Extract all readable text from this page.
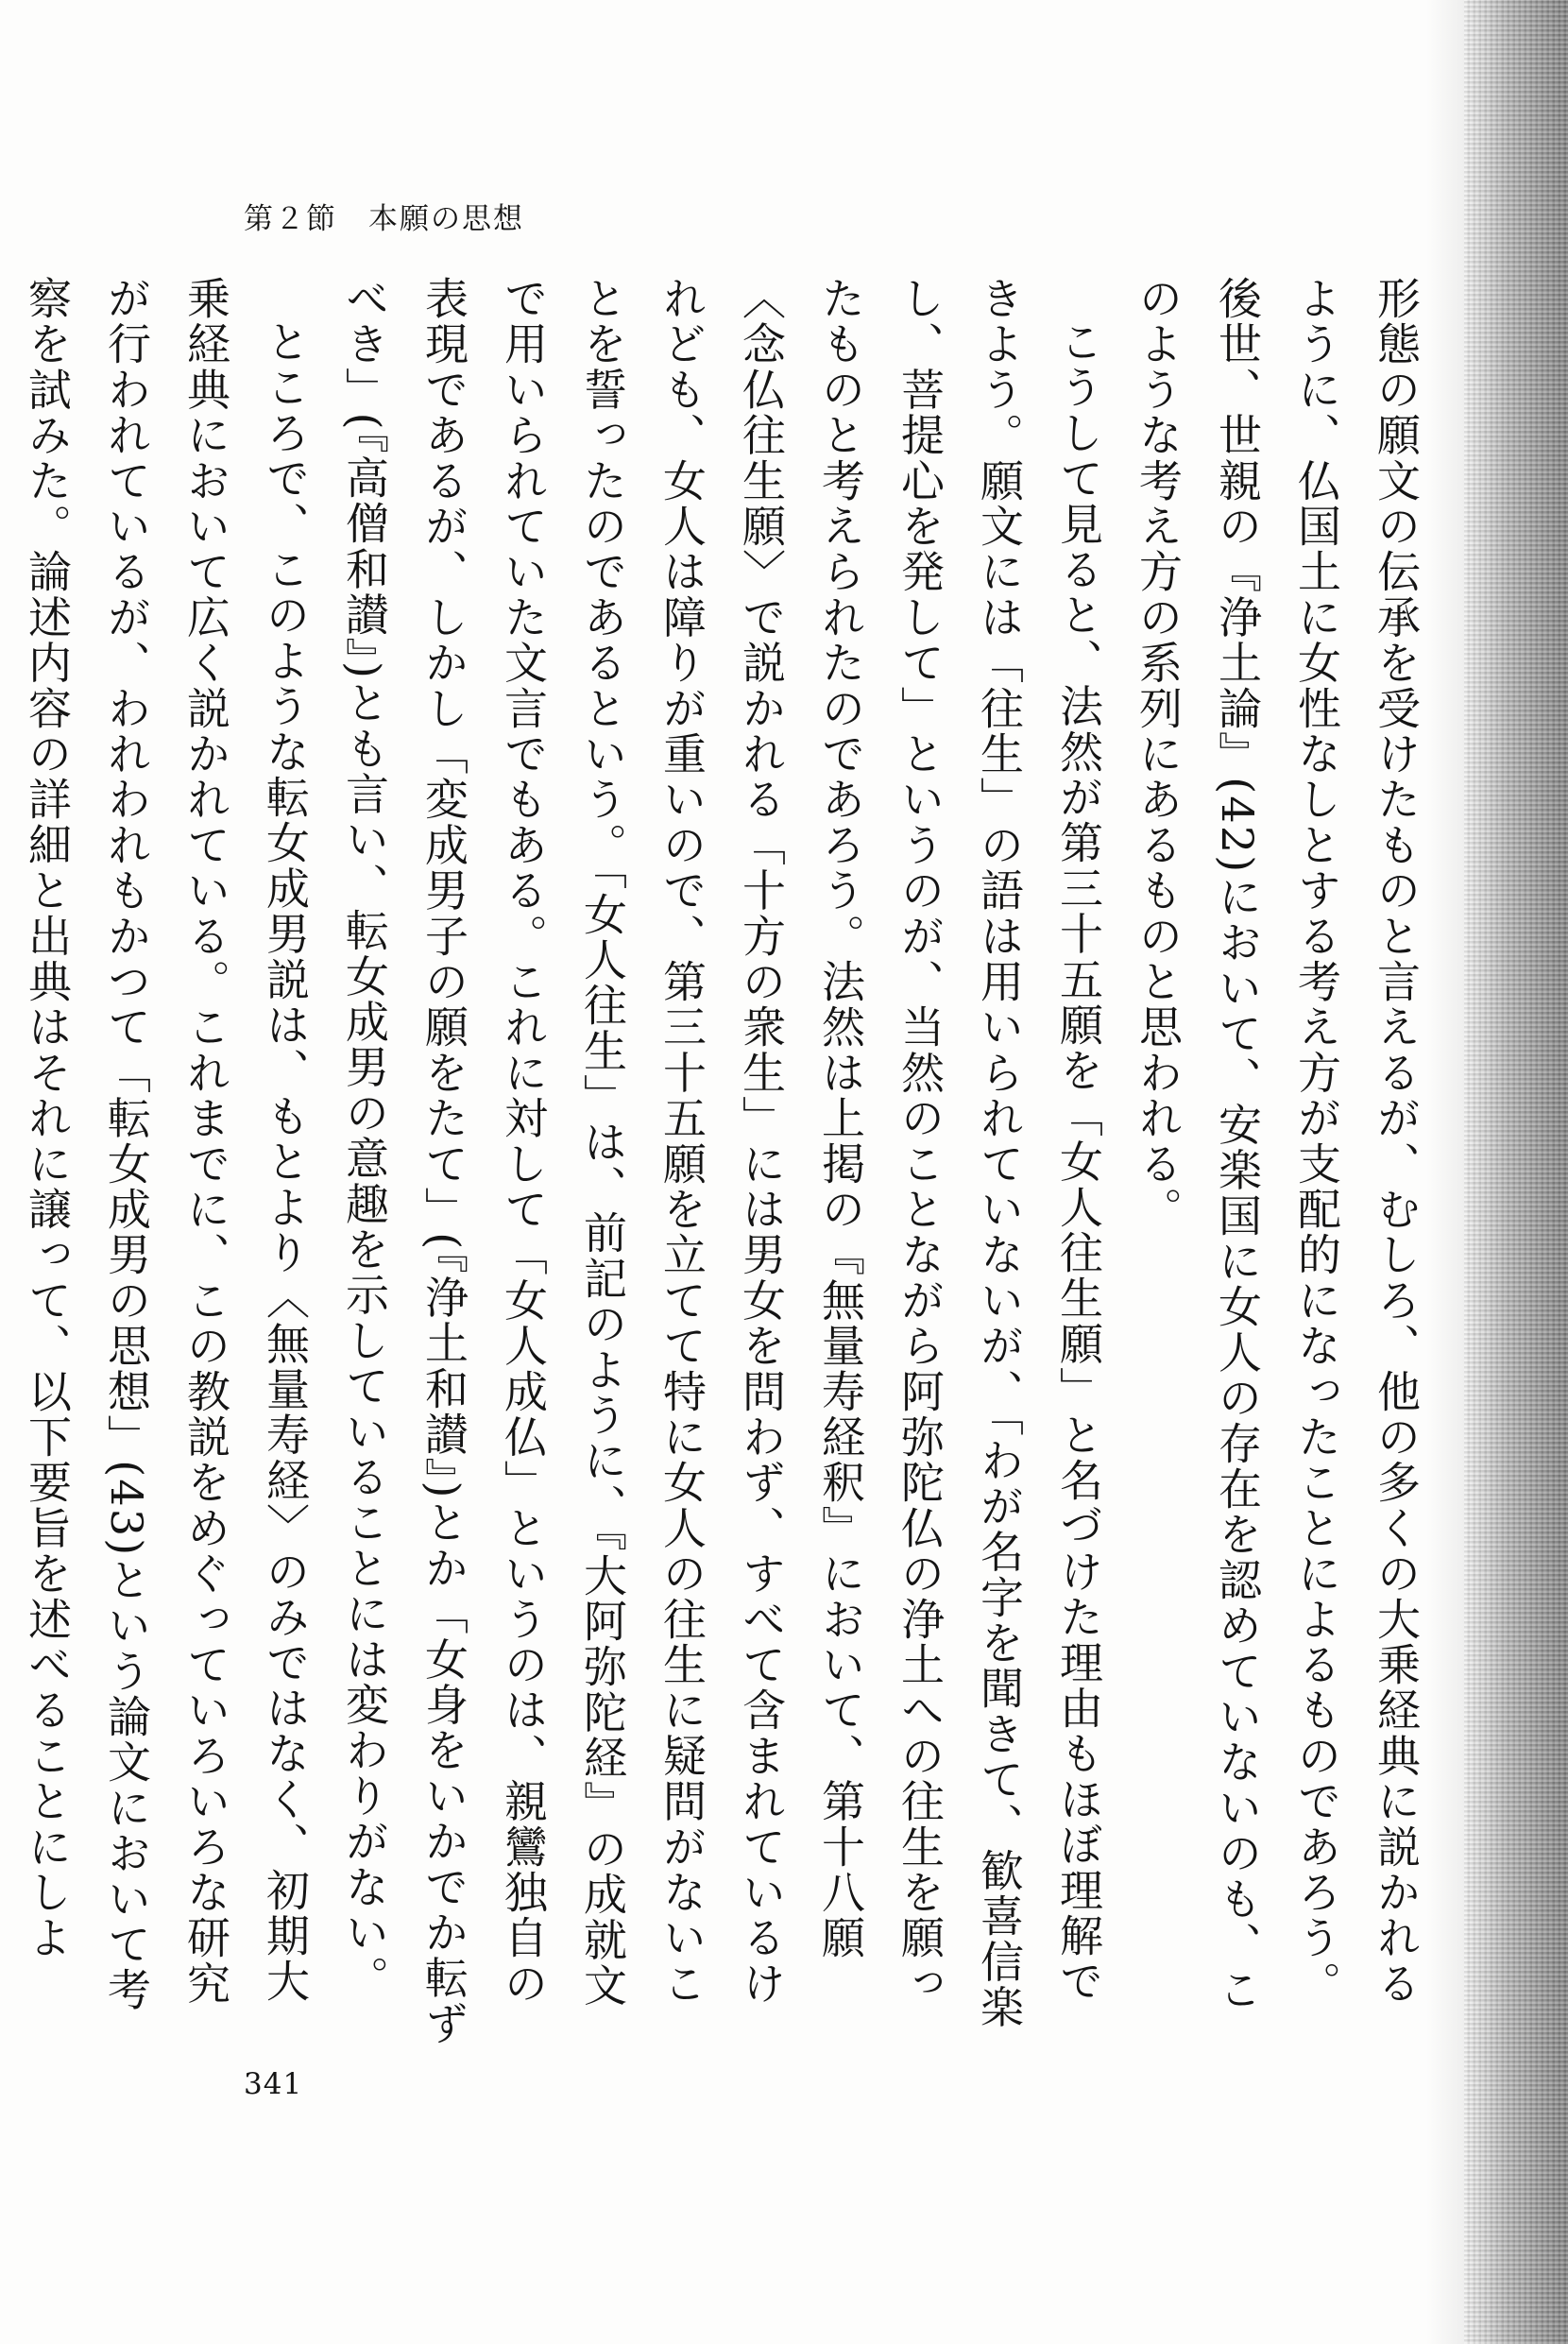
第２節　本願の思想

形態の願文の伝承を受けたものと言えるが、むしろ、他の多くの大乗経典に説かれるように、仏国土に女性なしとする考え方が支配的になったことによるものであろう。後世、世親の『浄土論』(42)において、安楽国に女人の存在を認めていないのも、このような考え方の系列にあるものと思われる。

こうして見ると、法然が第三十五願を「女人往生願」と名づけた理由もほぼ理解できよう。願文には「往生」の語は用いられていないが、「わが名字を聞きて、歓喜信楽し、菩提心を発して」というのが、当然のことながら阿弥陀仏の浄土への往生を願ったものと考えられたのであろう。法然は上掲の『無量寿経釈』において、第十八願〈念仏往生願〉で説かれる「十方の衆生」には男女を問わず、すべて含まれているけれども、女人は障りが重いので、第三十五願を立てて特に女人の往生に疑問がないことを誓ったのであるという。「女人往生」は、前記のように、『大阿弥陀経』の成就文で用いられていた文言でもある。これに対して「女人成仏」というのは、親鸞独自の表現であるが、しかし「変成男子の願をたて」(『浄土和讃』)とか「女身をいかでか転ずべき」(『高僧和讃』)とも言い、転女成男の意趣を示していることには変わりがない。

ところで、このような転女成男説は、もとより〈無量寿経〉のみではなく、初期大乗経典において広く説かれている。これまでに、この教説をめぐっていろいろな研究が行われているが、われわれもかつて「転女成男の思想」(43)という論文において考察を試みた。論述内容の詳細と出典はそれに譲って、以下要旨を述べることにしよ

341
